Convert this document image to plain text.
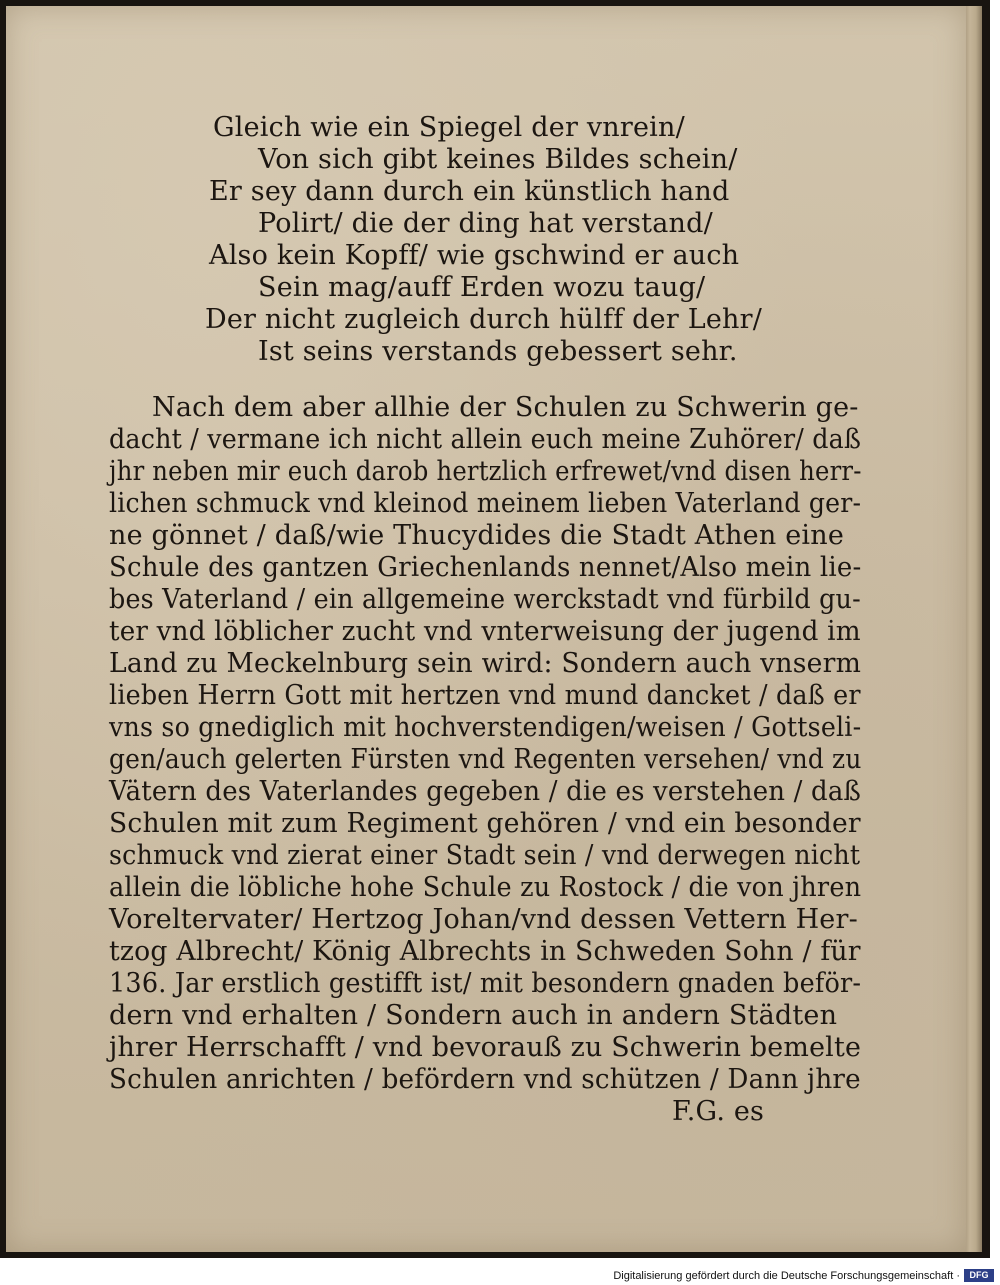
Gleich wie ein Spiegel der vnrein/

Von sich gibt keines Bildes schein/

Er sey dann durch ein künstlich hand

Polirt/ die der ding hat verstand/

Also kein Kopff/ wie gschwind er auch

Sein mag/auff Erden wozu taug/

Der nicht zugleich durch hülff der Lehr/

Ist seins verstands gebessert sehr.

Nach dem aber allhie der Schulen zu Schwerin ge-

dacht / vermane ich nicht allein euch meine Zuhörer/ daß

jhr neben mir euch darob hertzlich erfrewet/vnd disen herr-

lichen schmuck vnd kleinod meinem lieben Vaterland ger-

ne gönnet / daß/wie Thucydides die Stadt Athen eine

Schule des gantzen Griechenlands nennet/Also mein lie-

bes Vaterland / ein allgemeine werckstadt vnd fürbild gu-

ter vnd löblicher zucht vnd vnterweisung der jugend im

Land zu Meckelnburg sein wird: Sondern auch vnserm

lieben Herrn Gott mit hertzen vnd mund dancket / daß er

vns so gnediglich mit hochverstendigen/weisen / Gottseli-

gen/auch gelerten Fürsten vnd Regenten versehen/ vnd zu

Vätern des Vaterlandes gegeben / die es verstehen / daß

Schulen mit zum Regiment gehören / vnd ein besonder

schmuck vnd zierat einer Stadt sein / vnd derwegen nicht

allein die löbliche hohe Schule zu Rostock / die von jhren

Voreltervater/ Hertzog Johan/vnd dessen Vettern Her-

tzog Albrecht/ König Albrechts in Schweden Sohn / für

136. Jar erstlich gestifft ist/ mit besondern gnaden beför-

dern vnd erhalten / Sondern auch in andern Städten

jhrer Herrschafft / vnd bevorauß zu Schwerin bemelte

Schulen anrichten / befördern vnd schützen / Dann jhre

F.G. es

Digitalisierung gefördert durch die Deutsche Forschungsgemeinschaft ·	DFG
